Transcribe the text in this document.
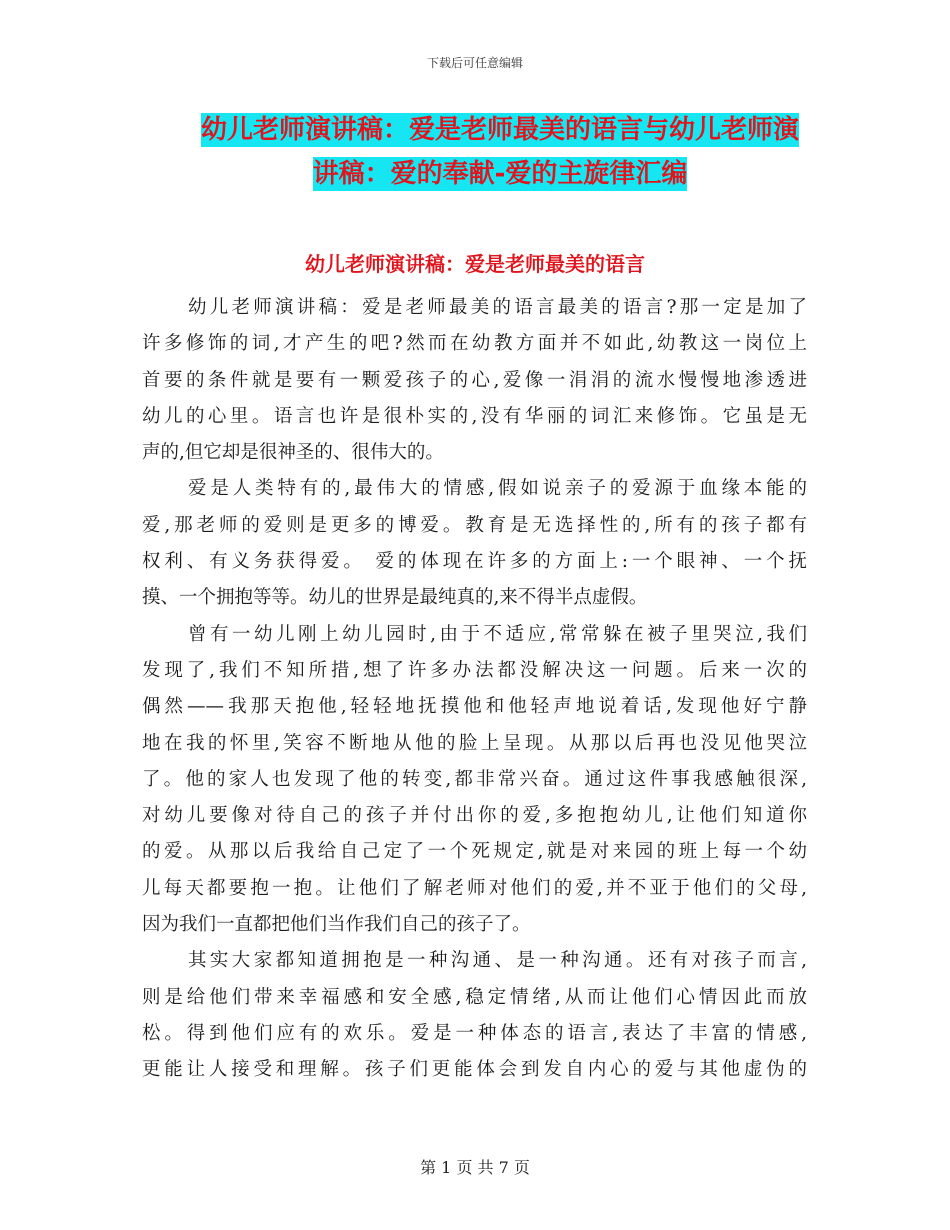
下载后可任意编辑
幼儿老师演讲稿：爱是老师最美的语言与幼儿老师演
讲稿：爱的奉献-爱的主旋律汇编
幼儿老师演讲稿：爱是老师最美的语言
幼儿老师演讲稿：爱是老师最美的语言最美的语言?那一定是加了
许多修饰的词,才产生的吧?然而在幼教方面并不如此,幼教这一岗位上
首要的条件就是要有一颗爱孩子的心,爱像一涓涓的流水慢慢地渗透进
幼儿的心里。语言也许是很朴实的,没有华丽的词汇来修饰。它虽是无
声的,但它却是很神圣的、很伟大的。
爱是人类特有的,最伟大的情感,假如说亲子的爱源于血缘本能的
爱,那老师的爱则是更多的博爱。教育是无选择性的,所有的孩子都有
权利、有义务获得爱。 爱的体现在许多的方面上:一个眼神、一个抚
摸、一个拥抱等等。幼儿的世界是最纯真的,来不得半点虚假。
曾有一幼儿刚上幼儿园时,由于不适应,常常躲在被子里哭泣,我们
发现了,我们不知所措,想了许多办法都没解决这一问题。后来一次的
偶然——我那天抱他,轻轻地抚摸他和他轻声地说着话,发现他好宁静
地在我的怀里,笑容不断地从他的脸上呈现。从那以后再也没见他哭泣
了。他的家人也发现了他的转变,都非常兴奋。通过这件事我感触很深,
对幼儿要像对待自己的孩子并付出你的爱,多抱抱幼儿,让他们知道你
的爱。从那以后我给自己定了一个死规定,就是对来园的班上每一个幼
儿每天都要抱一抱。让他们了解老师对他们的爱,并不亚于他们的父母,
因为我们一直都把他们当作我们自己的孩子了。
其实大家都知道拥抱是一种沟通、是一种沟通。还有对孩子而言,
则是给他们带来幸福感和安全感,稳定情绪,从而让他们心情因此而放
松。得到他们应有的欢乐。爱是一种体态的语言,表达了丰富的情感,
更能让人接受和理解。孩子们更能体会到发自内心的爱与其他虚伪的
第 1 页 共 7 页
